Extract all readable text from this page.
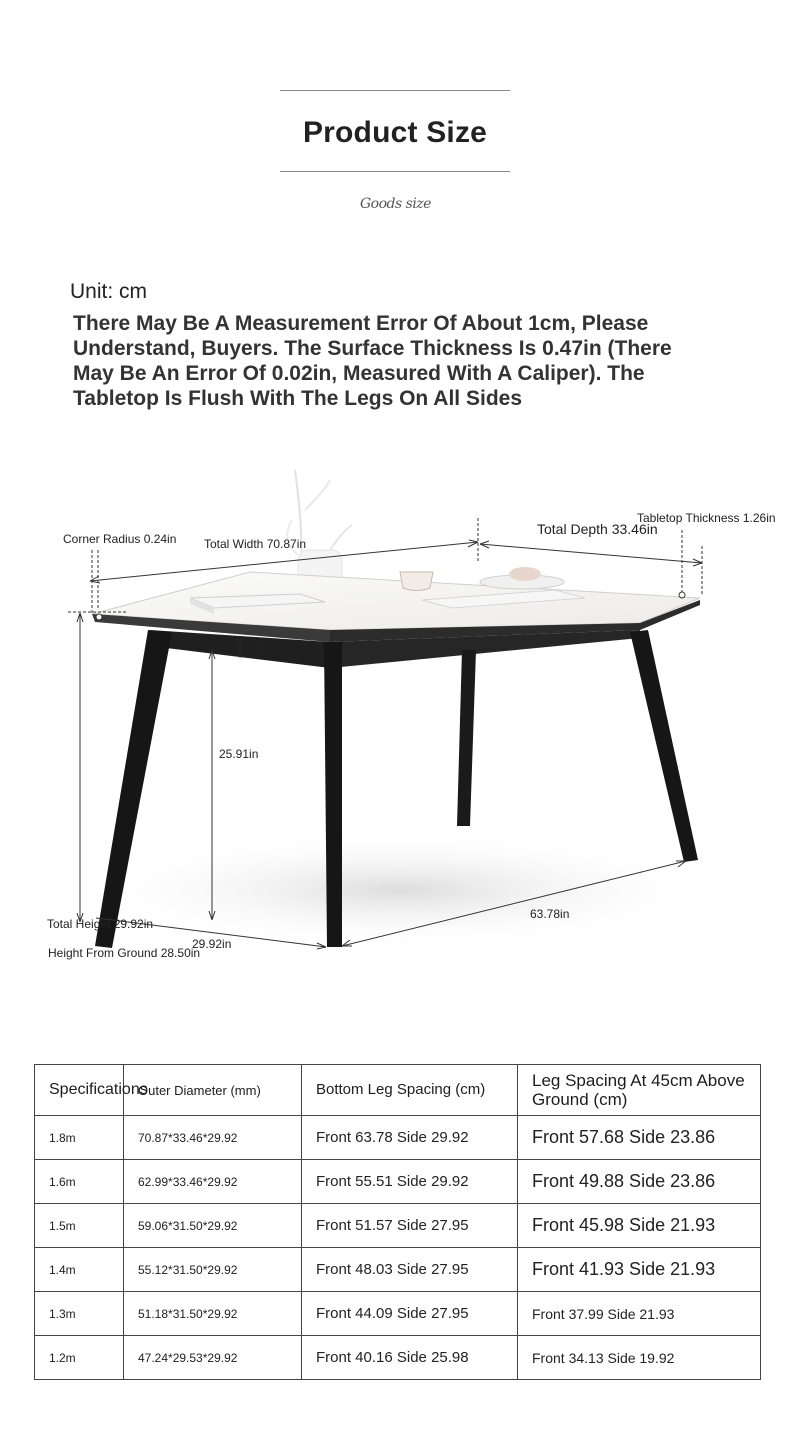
Product Size
Goods size
Unit: cm
There May Be A Measurement Error Of About 1cm, Please Understand, Buyers. The Surface Thickness Is 0.47in (There May Be An Error Of 0.02in, Measured With A Caliper). The Tabletop Is Flush With The Legs On All Sides
Corner Radius 0.24in Total Width 70.87in
Total Depth 33.46in
Tabletop Thickness 1.26in
7
25.91in
Total Height 29.92in
29.92in
Height From Ground 28.50in
63.78in
Specifications	Outer Diameter (mm)	Bottom Leg Spacing (cm)	Leg Spacing At 45cm Above Ground (cm)
1.8m	70.87*33.46*29.92	Front 63.78 Side 29.92	Front 57.68 Side 23.86
1.6m	62.99*33.46*29.92	Front 55.51 Side 29.92	Front 49.88 Side 23.86
1.5m	59.06*31.50*29.92	Front 51.57 Side 27.95	Front 45.98 Side 21.93
1.4m	55.12*31.50*29.92	Front 48.03 Side 27.95	Front 41.93 Side 21.93
1.3m	51.18*31.50*29.92	Front 44.09 Side 27.95	Front 37.99 Side 21.93
1.2m	47.24*29.53*29.92	Front 40.16 Side 25.98	Front 34.13 Side 19.92
